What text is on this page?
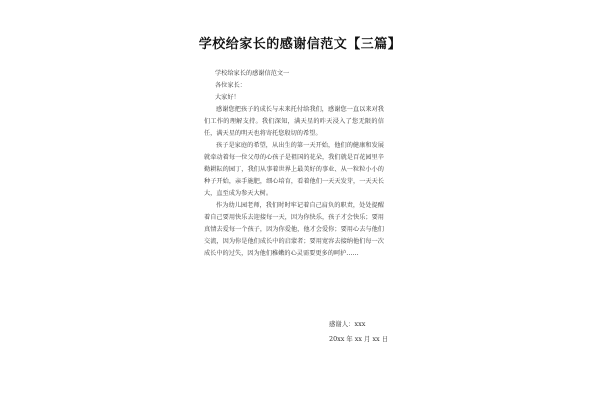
学校给家长的感谢信范文【三篇】
学校给家长的感谢信范文一
各位家长：
大家好！
感谢您把孩子的成长与未来托付给我们，感谢您一直以来对我们工作的理解支持。我们深知，满天星的昨天浸入了您无限的信任，满天星的明天也将寄托您殷切的希望。
孩子是家庭的希望，从出生的第一天开始，他们的健康和发展就牵动着每一位父母的心孩子是祖国的花朵，我们就是百花园里辛勤耕耘的园丁，我们从事着世界上最美好的事业、从一粒粒小小的种子开始，亲手施肥，细心培育，看着他们一天天发芽，一天天长大，直至成为参天大树。
作为幼儿园老师，我们时时牢记着自己肩负的职责，处处提醒着自己要用快乐去迎接每一天，因为你快乐，孩子才会快乐；要用真情去爱每一个孩子，因为你爱他，他才会爱你；要用心去与他们交流，因为你是他们成长中的启蒙者；要用宽容去接纳他们每一次成长中的过失，因为他们稚嫩的心灵需要更多的呵护……
感谢人：xxx
20xx 年 xx 月 xx 日
